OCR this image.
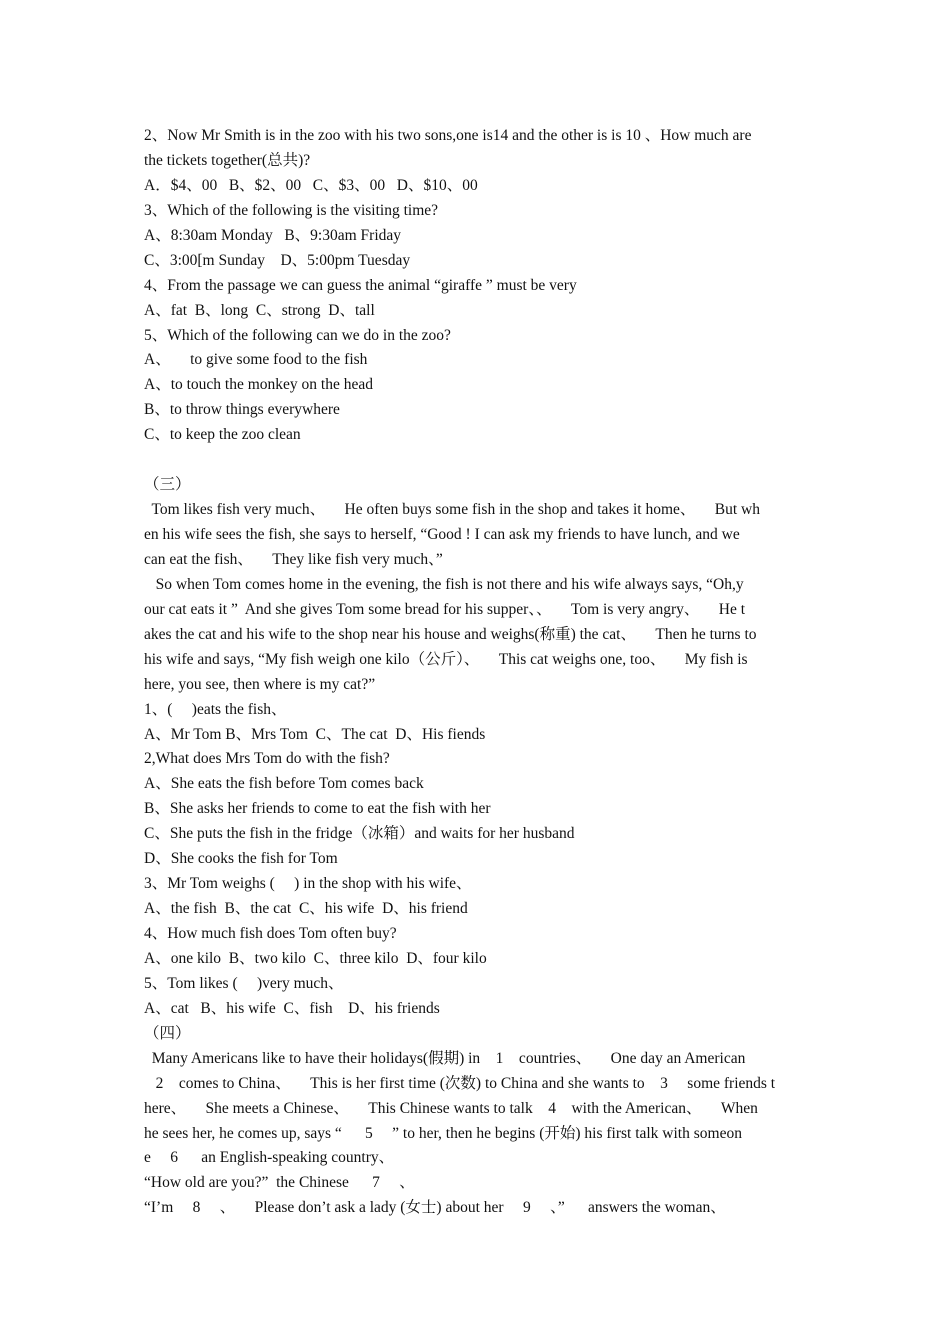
2、Now Mr Smith is in the zoo with his two sons,one is14 and the other is is 10 、How much are
the tickets together(总共)?
A．$4、00   B、$2、00   C、$3、00   D、$10、00
3、Which of the following is the visiting time?
A、8:30am Monday   B、9:30am Friday
C、3:00[m Sunday    D、5:00pm Tuesday
4、From the passage we can guess the animal “giraffe ” must be very
A、fat  B、long  C、strong  D、tall
5、Which of the following can we do in the zoo?
A、     to give some food to the fish
A、to touch the monkey on the head
B、to throw things everywhere
C、to keep the zoo clean
（三）
Tom likes fish very much、     He often buys some fish in the shop and takes it home、     But wh
en his wife sees the fish, she says to herself, “Good ! I can ask my friends to have lunch, and we
can eat the fish、     They like fish very much、”
So when Tom comes home in the evening, the fish is not there and his wife always says, “Oh,y
our cat eats it ”  And she gives Tom some bread for his supper、、     Tom is very angry、     He t
akes the cat and his wife to the shop near his house and weighs(称重) the cat、     Then he turns to
his wife and says, “My fish weigh one kilo（公斤）、     This cat weighs one, too、     My fish is
here, you see, then where is my cat?”
1、(     )eats the fish、
A、Mr Tom B、Mrs Tom  C、The cat  D、His fiends
2,What does Mrs Tom do with the fish?
A、She eats the fish before Tom comes back
B、She asks her friends to come to eat the fish with her
C、She puts the fish in the fridge（冰箱）and waits for her husband
D、She cooks the fish for Tom
3、Mr Tom weighs (     ) in the shop with his wife、
A、the fish  B、the cat  C、his wife  D、his friend
4、How much fish does Tom often buy?
A、one kilo  B、two kilo  C、three kilo  D、four kilo
5、Tom likes (     )very much、
A、cat   B、his wife  C、fish    D、his friends
（四）
Many Americans like to have their holidays(假期) in    1    countries、     One day an American
2    comes to China、     This is her first time (次数) to China and she wants to    3     some friends t
here、     She meets a Chinese、     This Chinese wants to talk    4    with the American、     When
he sees her, he comes up, says “      5     ” to her, then he begins (开始) his first talk with someon
e     6      an English-speaking country、
“How old are you?”  the Chinese      7     、
“I’m     8     、     Please don’t ask a lady (女士) about her     9     、”      answers the woman、
